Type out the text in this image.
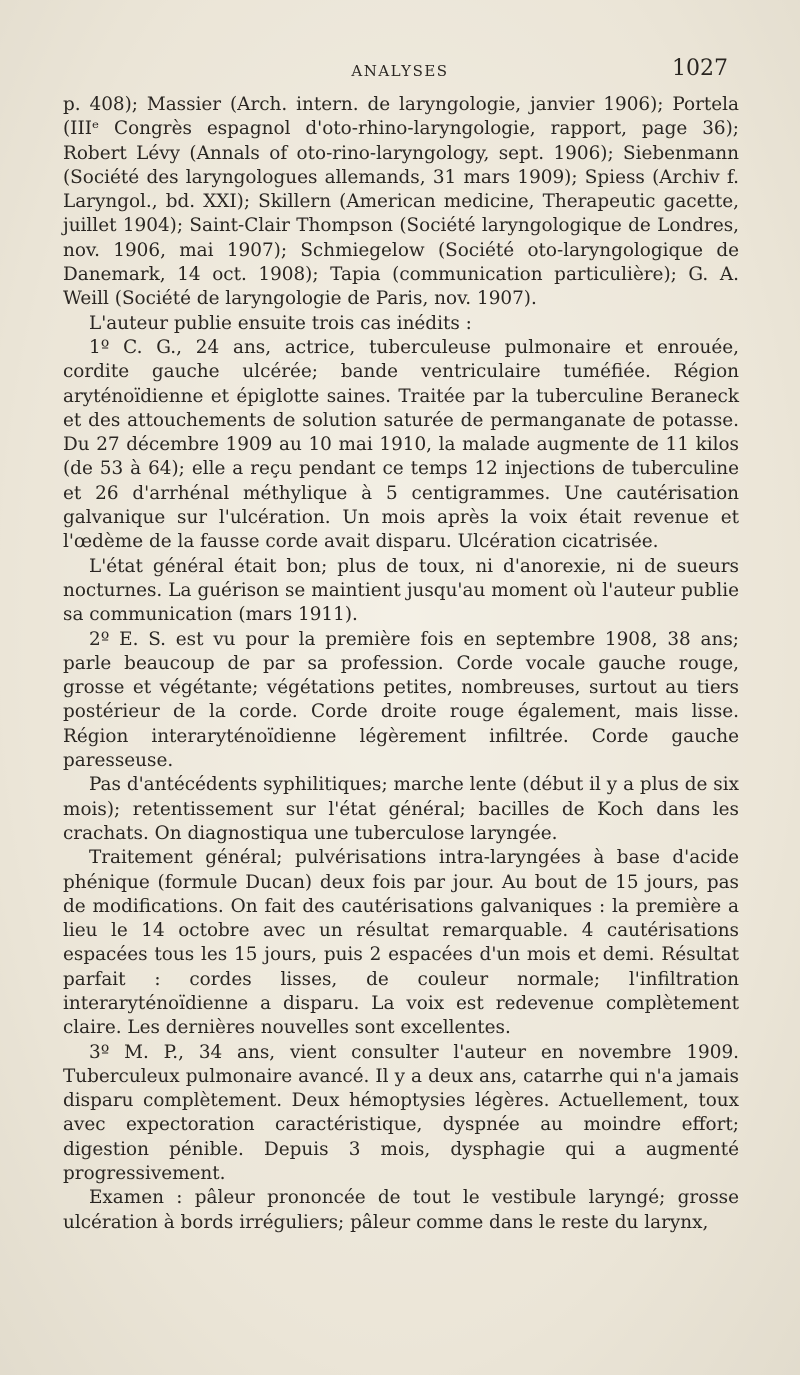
ANALYSES	1027

p. 408); Massier (Arch. intern. de laryngologie, janvier 1906); Portela (IIIᵉ Congrès espagnol d'oto-rhino-laryngologie, rapport, page 36); Robert Lévy (Annals of oto-rino-laryngology, sept. 1906); Siebenmann (Société des laryngologues allemands, 31 mars 1909); Spiess (Archiv f. Laryngol., bd. XXI); Skillern (American medicine, Therapeutic gacette, juillet 1904); Saint-Clair Thompson (Société laryngologique de Londres, nov. 1906, mai 1907); Schmiegelow (Société oto-laryngologique de Danemark, 14 oct. 1908); Tapia (communication particulière); G. A. Weill (Société de laryngologie de Paris, nov. 1907).

L'auteur publie ensuite trois cas inédits :

1º C. G., 24 ans, actrice, tuberculeuse pulmonaire et enrouée, cordite gauche ulcérée; bande ventriculaire tuméfiée. Région aryténoïdienne et épiglotte saines. Traitée par la tuberculine Beraneck et des attouchements de solution saturée de permanganate de potasse. Du 27 décembre 1909 au 10 mai 1910, la malade augmente de 11 kilos (de 53 à 64); elle a reçu pendant ce temps 12 injections de tuberculine et 26 d'arrhénal méthylique à 5 centigrammes. Une cautérisation galvanique sur l'ulcération. Un mois après la voix était revenue et l'œdème de la fausse corde avait disparu. Ulcération cicatrisée.

L'état général était bon; plus de toux, ni d'anorexie, ni de sueurs nocturnes. La guérison se maintient jusqu'au moment où l'auteur publie sa communication (mars 1911).

2º E. S. est vu pour la première fois en septembre 1908, 38 ans; parle beaucoup de par sa profession. Corde vocale gauche rouge, grosse et végétante; végétations petites, nombreuses, surtout au tiers postérieur de la corde. Corde droite rouge également, mais lisse. Région interaryténoïdienne légèrement infiltrée. Corde gauche paresseuse.

Pas d'antécédents syphilitiques; marche lente (début il y a plus de six mois); retentissement sur l'état général; bacilles de Koch dans les crachats. On diagnostiqua une tuberculose laryngée.

Traitement général; pulvérisations intra-laryngées à base d'acide phénique (formule Ducan) deux fois par jour. Au bout de 15 jours, pas de modifications. On fait des cautérisations galvaniques : la première a lieu le 14 octobre avec un résultat remarquable. 4 cautérisations espacées tous les 15 jours, puis 2 espacées d'un mois et demi. Résultat parfait : cordes lisses, de couleur normale; l'infiltration interaryténoïdienne a disparu. La voix est redevenue complètement claire. Les dernières nouvelles sont excellentes.

3º M. P., 34 ans, vient consulter l'auteur en novembre 1909. Tuberculeux pulmonaire avancé. Il y a deux ans, catarrhe qui n'a jamais disparu complètement. Deux hémoptysies légères. Actuellement, toux avec expectoration caractéristique, dyspnée au moindre effort; digestion pénible. Depuis 3 mois, dysphagie qui a augmenté progressivement.

Examen : pâleur prononcée de tout le vestibule laryngé; grosse ulcération à bords irréguliers; pâleur comme dans le reste du larynx,
